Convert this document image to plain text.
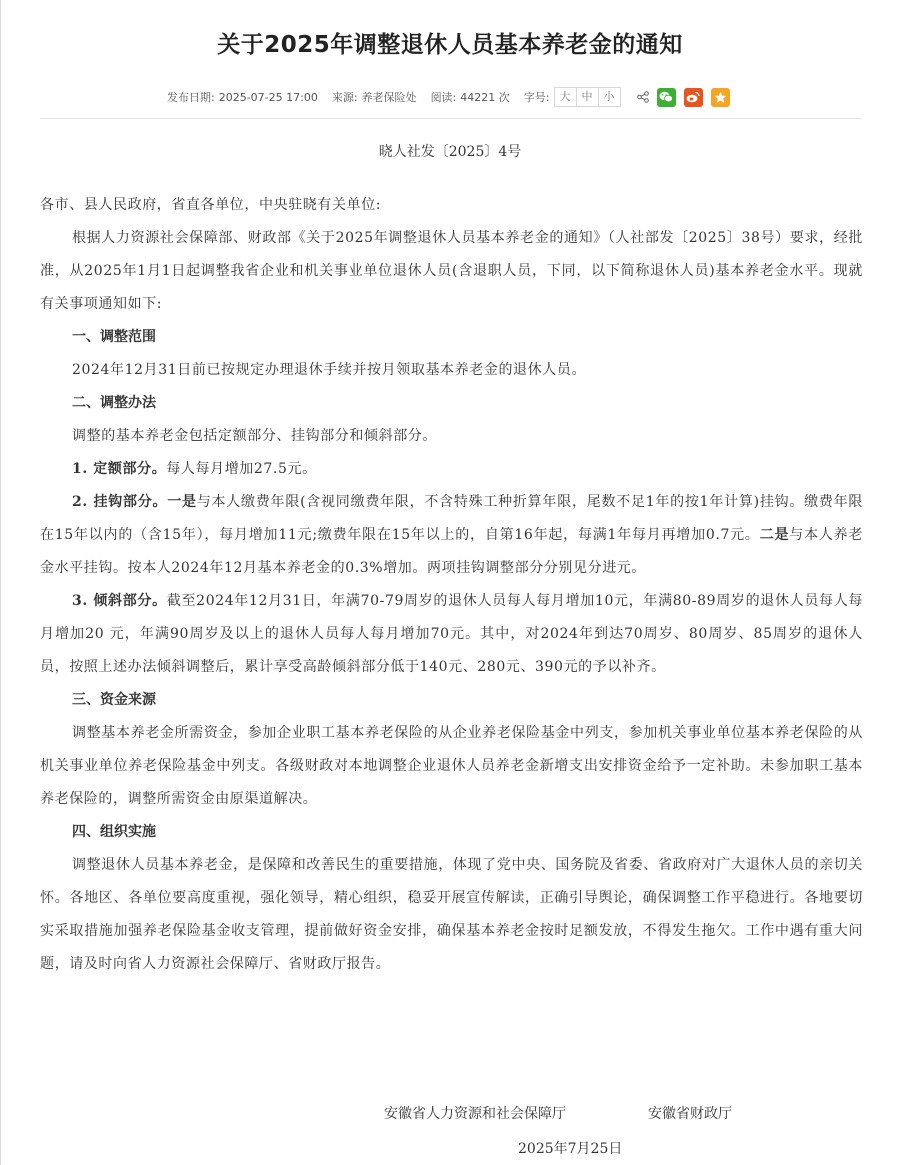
关于2025年调整退休人员基本养老金的通知
发布日期: 2025-07-25 17:00 来源: 养老保险处 阅读: 44221 次 字号: 大	中	小
晓人社发〔2025〕4号

各市、县人民政府，省直各单位，中央驻晓有关单位:

根据人力资源社会保障部、财政部《关于2025年调整退休人员基本养老金的通知》（人社部发〔2025〕38号）要求，经批准，从2025年1月1日起调整我省企业和机关事业单位退休人员(含退职人员，下同，以下简称退休人员)基本养老金水平。现就有关事项通知如下:

一、调整范围

2024年12月31日前已按规定办理退休手续并按月领取基本养老金的退休人员。

二、调整办法

调整的基本养老金包括定额部分、挂钩部分和倾斜部分。

1. 定额部分。每人每月增加27.5元。

2. 挂钩部分。一是与本人缴费年限(含视同缴费年限，不含特殊工种折算年限，尾数不足1年的按1年计算)挂钩。缴费年限在15年以内的（含15年），每月增加11元;缴费年限在15年以上的，自第16年起，每满1年每月再增加0.7元。二是与本人养老金水平挂钩。按本人2024年12月基本养老金的0.3%增加。两项挂钩调整部分分别见分进元。

3. 倾斜部分。截至2024年12月31日，年满70-79周岁的退休人员每人每月增加10元，年满80-89周岁的退休人员每人每月增加20 元，年满90周岁及以上的退休人员每人每月增加70元。其中，对2024年到达70周岁、80周岁、85周岁的退休人员，按照上述办法倾斜调整后，累计享受高龄倾斜部分低于140元、280元、390元的予以补齐。

三、资金来源

调整基本养老金所需资金，参加企业职工基本养老保险的从企业养老保险基金中列支，参加机关事业单位基本养老保险的从机关事业单位养老保险基金中列支。各级财政对本地调整企业退休人员养老金新增支出安排资金给予一定补助。未参加职工基本养老保险的，调整所需资金由原渠道解决。

四、组织实施

调整退休人员基本养老金，是保障和改善民生的重要措施，体现了党中央、国务院及省委、省政府对广大退休人员的亲切关怀。各地区、各单位要高度重视，强化领导，精心组织，稳妥开展宣传解读，正确引导舆论，确保调整工作平稳进行。各地要切实采取措施加强养老保险基金收支管理，提前做好资金安排，确保基本养老金按时足额发放，不得发生拖欠。工作中遇有重大问题，请及时向省人力资源社会保障厅、省财政厅报告。

安徽省人力资源和社会保障厅	安徽省财政厅
2025年7月25日
